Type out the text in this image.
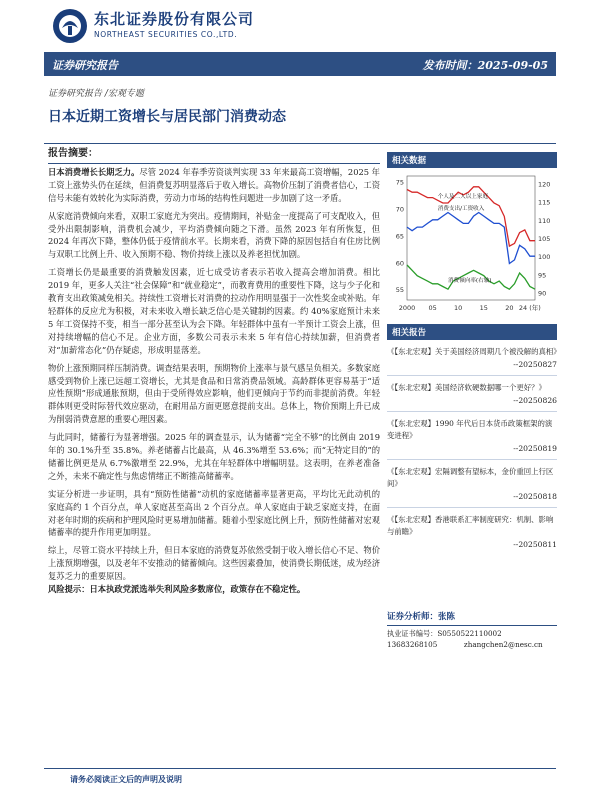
东北证券股份有限公司
NORTHEAST SECURITIES CO.,LTD.
证券研究报告	发布时间：2025-09-05
证券研究报告 /宏观专题
日本近期工资增长与居民部门消费动态
报告摘要：

日本消费增长长期乏力。尽管 2024 年春季劳资谈判实现 33 年来最高工资增幅，2025 年工资上涨势头仍在延续，但消费复苏明显落后于收入增长。高物价压制了消费者信心，工资信号未能有效转化为实际消费，劳动力市场的结构性问题进一步加剧了这一矛盾。

从家庭消费倾向来看，双职工家庭尤为突出。疫情期间，补贴金一度提高了可支配收入，但受外出限制影响，消费机会减少，平均消费倾向随之下滑。虽然 2023 年有所恢复，但 2024 年再次下降，整体仍低于疫情前水平。长期来看，消费下降的原因包括自有住房比例与双职工比例上升、收入预期不稳、物价持续上涨以及养老担忧加剧。

工资增长仍是最重要的消费触发因素，近七成受访者表示若收入提高会增加消费。相比 2019 年，更多人关注“社会保障”和“就业稳定”，而教育费用的重要性下降，这与少子化和教育支出政策减免相关。持续性工资增长对消费的拉动作用明显强于一次性奖金或补贴。年轻群体的反应尤为积极，对未来收入增长缺乏信心是关键制约因素。约 40%家庭预计未来 5 年工资保持不变，相当一部分甚至认为会下降。年轻群体中虽有一半预计工资会上涨，但对持续增幅的信心不足。企业方面，多数公司表示未来 5 年有信心持续加薪，但消费者对“加薪常态化”仍存疑虑，形成明显落差。

物价上涨预期同样压制消费。调查结果表明，预期物价上涨率与景气感呈负相关。多数家庭感受到物价上涨已远超工资增长，尤其是食品和日常消费品领域。高龄群体更容易基于“适应性预期”形成通胀预期，但由于受所得效应影响，他们更倾向于节约而非提前消费。年轻群体则更受时际替代效应驱动，在耐用品方面更愿意提前支出。总体上，物价预期上升已成为削弱消费意愿的重要心理因素。

与此同时，储蓄行为显著增强。2025 年的调查显示，认为储蓄“完全不够”的比例由 2019 年的 30.1%升至 35.8%。养老储蓄占比最高，从 46.3%增至 53.6%；而“无特定目的”的储蓄比例更是从 6.7%激增至 22.9%，尤其在年轻群体中增幅明显。这表明，在养老准备之外，未来不确定性与焦虑情绪正不断推高储蓄率。

实证分析进一步证明，具有“预防性储蓄”动机的家庭储蓄率显著更高，平均比无此动机的家庭高约 1 个百分点，单人家庭甚至高出 2 个百分点。单人家庭由于缺乏家庭支持，在面对老年时期的疾病和护理风险时更易增加储蓄。随着小型家庭比例上升，预防性储蓄对宏观储蓄率的提升作用更加明显。

综上，尽管工资水平持续上升，但日本家庭的消费复苏依然受制于收入增长信心不足、物价上涨预期增强，以及老年不安推动的储蓄倾向。这些因素叠加，使消费长期低迷，成为经济复苏乏力的重要原因。
风险提示：日本执政党派选举失利风险多数席位，政策存在不稳定性。

相关数据
75
70
65
60
55
120
115
110
105
100
95
90
2000 05	10	15	20 24 (年)
个人及二人以上家庭
消费支出/工资收入
消费倾向率(右轴)
相关报告
《【东北宏观】关于美国经济周期几个被没解的真相》
--20250827
《【东北宏观】美国经济软硬数据哪一个更好？》
--20250826
《【东北宏观】1990 年代后日本货币政策框架的演变进程》
--20250819
《【东北宏观】宏隔调整有望标本，金价重回上行区间》
--20250818
《【东北宏观】香港联系汇率制度研究：机制、影响与前瞻》
--20250811
证券分析师：张陈
执业证书编号：S0550522110002
13683268105	zhangchen2@nesc.cn
请务必阅读正文后的声明及说明
